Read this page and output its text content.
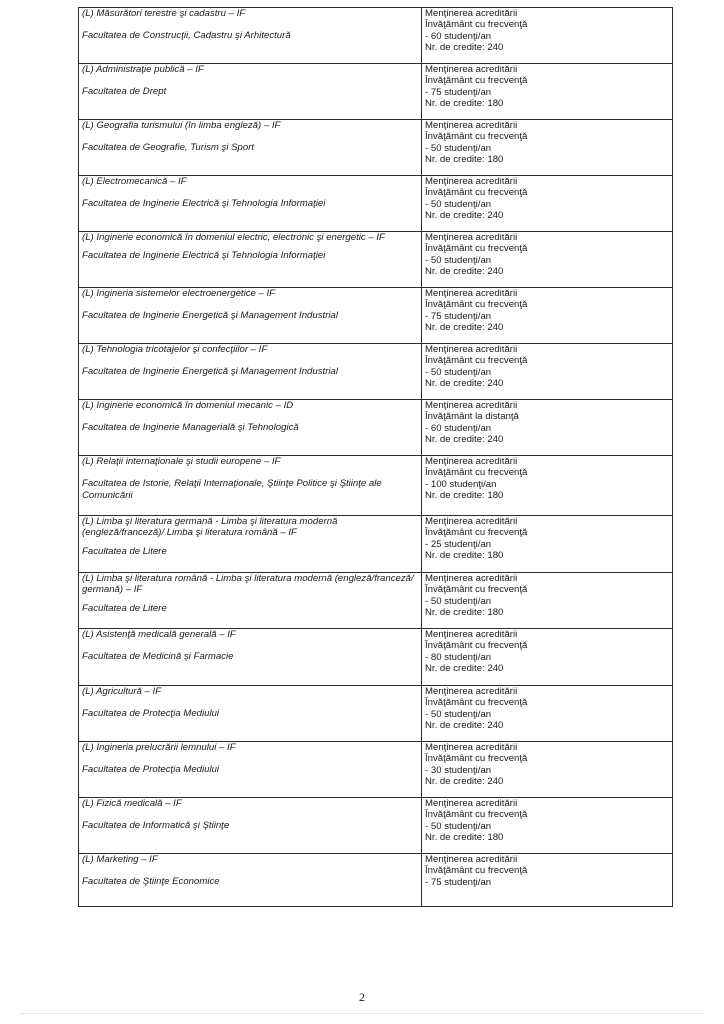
(L) Măsurători terestre şi cadastru – IF
Facultatea de Construcţii, Cadastru şi Arhitectură	Menţinerea acreditării
Învăţământ cu frecvenţă
- 60 studenţi/an
Nr. de credite: 240

(L) Administraţie publică – IF
Facultatea de Drept	Menţinerea acreditării
Învăţământ cu frecvenţă
- 75 studenţi/an
Nr. de credite: 180

(L) Geografia turismului (în limba engleză) – IF
Facultatea de Geografie, Turism şi Sport	Menţinerea acreditării
Învăţământ cu frecvenţă
- 50 studenţi/an
Nr. de credite: 180

(L) Electromecanică – IF
Facultatea de Inginerie Electrică şi Tehnologia Informaţiei	Menţinerea acreditării
Învăţământ cu frecvenţă
- 50 studenţi/an
Nr. de credite: 240

(L) Inginerie economică în domeniul electric, electronic şi energetic – IF
Facultatea de Inginerie Electrică şi Tehnologia Informaţiei	Menţinerea acreditării
Învăţământ cu frecvenţă
- 50 studenţi/an
Nr. de credite: 240

(L) Ingineria sistemelor electroenergetice – IF
Facultatea de Inginerie Energetică şi Management Industrial	Menţinerea acreditării
Învăţământ cu frecvenţă
- 75 studenţi/an
Nr. de credite: 240

(L) Tehnologia tricotajelor şi confecţiilor – IF
Facultatea de Inginerie Energetică şi Management Industrial	Menţinerea acreditării
Învăţământ cu frecvenţă
- 50 studenţi/an
Nr. de credite: 240

(L) Inginerie economică în domeniul mecanic – ID
Facultatea de Inginerie Managerială şi Tehnologică	Menţinerea acreditării
Învăţământ la distanţă
- 60 studenţi/an
Nr. de credite: 240

(L) Relaţii internaţionale şi studii europene – IF
Facultatea de Istorie, Relaţii Internaţionale, Ştiinţe Politice şi Ştiinţe ale Comunicării	Menţinerea acreditării
Învăţământ cu frecvenţă
- 100 studenţi/an
Nr. de credite: 180

(L) Limba şi literatura germană - Limba şi literatura modernă (engleză/franceză)/ Limba şi literatura română – IF
Facultatea de Litere	Menţinerea acreditării
Învăţământ cu frecvenţă
- 25 studenţi/an
Nr. de credite: 180

(L) Limba şi literatura română - Limba şi literatura modernă (engleză/franceză/ germană) – IF
Facultatea de Litere	Menţinerea acreditării
Învăţământ cu frecvenţă
- 50 studenţi/an
Nr. de credite: 180

(L) Asistenţă medicală generală – IF
Facultatea de Medicină şi Farmacie	Menţinerea acreditării
Învăţământ cu frecvenţă
- 80 studenţi/an
Nr. de credite: 240

(L) Agricultură – IF
Facultatea de Protecţia Mediului	Menţinerea acreditării
Învăţământ cu frecvenţă
- 50 studenţi/an
Nr. de credite: 240

(L) Ingineria prelucrării lemnului – IF
Facultatea de Protecţia Mediului	Menţinerea acreditării
Învăţământ cu frecvenţă
- 30 studenţi/an
Nr. de credite: 240

(L) Fizică medicală – IF
Facultatea de Informatică şi Ştiinţe	Menţinerea acreditării
Învăţământ cu frecvenţă
- 50 studenţi/an
Nr. de credite: 180

(L) Marketing – IF
Facultatea de Ştiinţe Economice	Menţinerea acreditării
Învăţământ cu frecvenţă
- 75 studenţi/an
2
